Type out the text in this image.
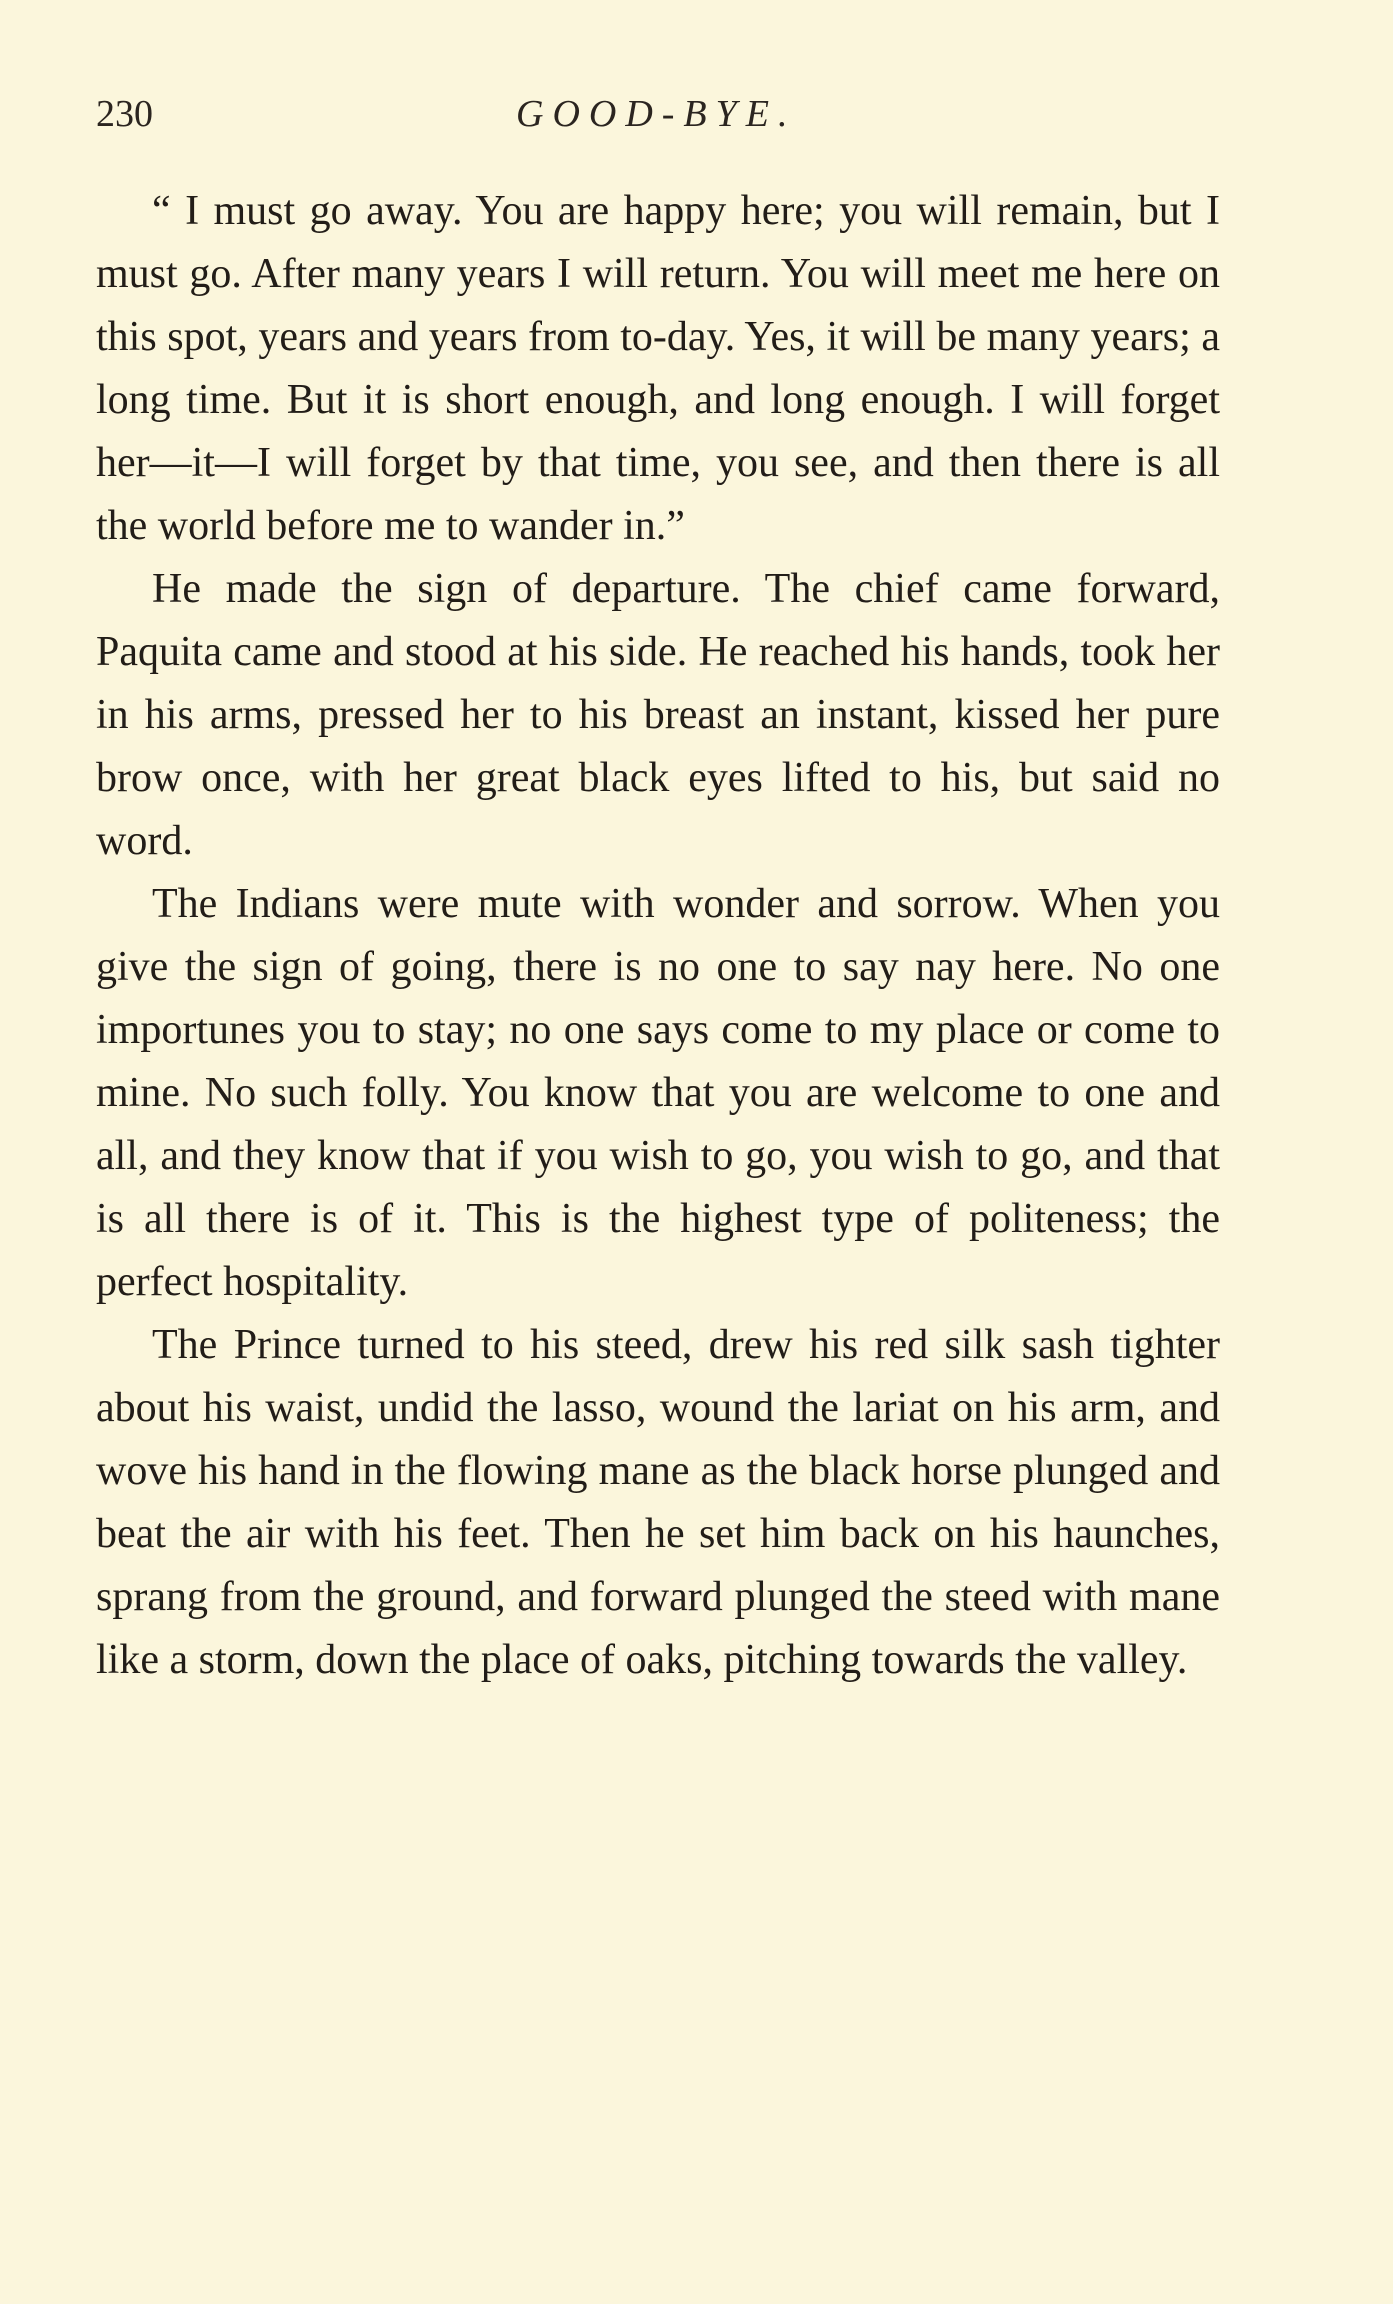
230	GOOD-BYE.

“ I must go away. You are happy here; you will remain, but I must go. After many years I will return. You will meet me here on this spot, years and years from to-day. Yes, it will be many years; a long time. But it is short enough, and long enough. I will forget her—it—I will forget by that time, you see, and then there is all the world before me to wander in.”

He made the sign of departure. The chief came forward, Paquita came and stood at his side. He reached his hands, took her in his arms, pressed her to his breast an instant, kissed her pure brow once, with her great black eyes lifted to his, but said no word.

The Indians were mute with wonder and sorrow. When you give the sign of going, there is no one to say nay here. No one importunes you to stay; no one says come to my place or come to mine. No such folly. You know that you are welcome to one and all, and they know that if you wish to go, you wish to go, and that is all there is of it. This is the highest type of politeness; the perfect hospitality.

The Prince turned to his steed, drew his red silk sash tighter about his waist, undid the lasso, wound the lariat on his arm, and wove his hand in the flowing mane as the black horse plunged and beat the air with his feet. Then he set him back on his haunches, sprang from the ground, and forward plunged the steed with mane like a storm, down the place of oaks, pitching towards the valley.
